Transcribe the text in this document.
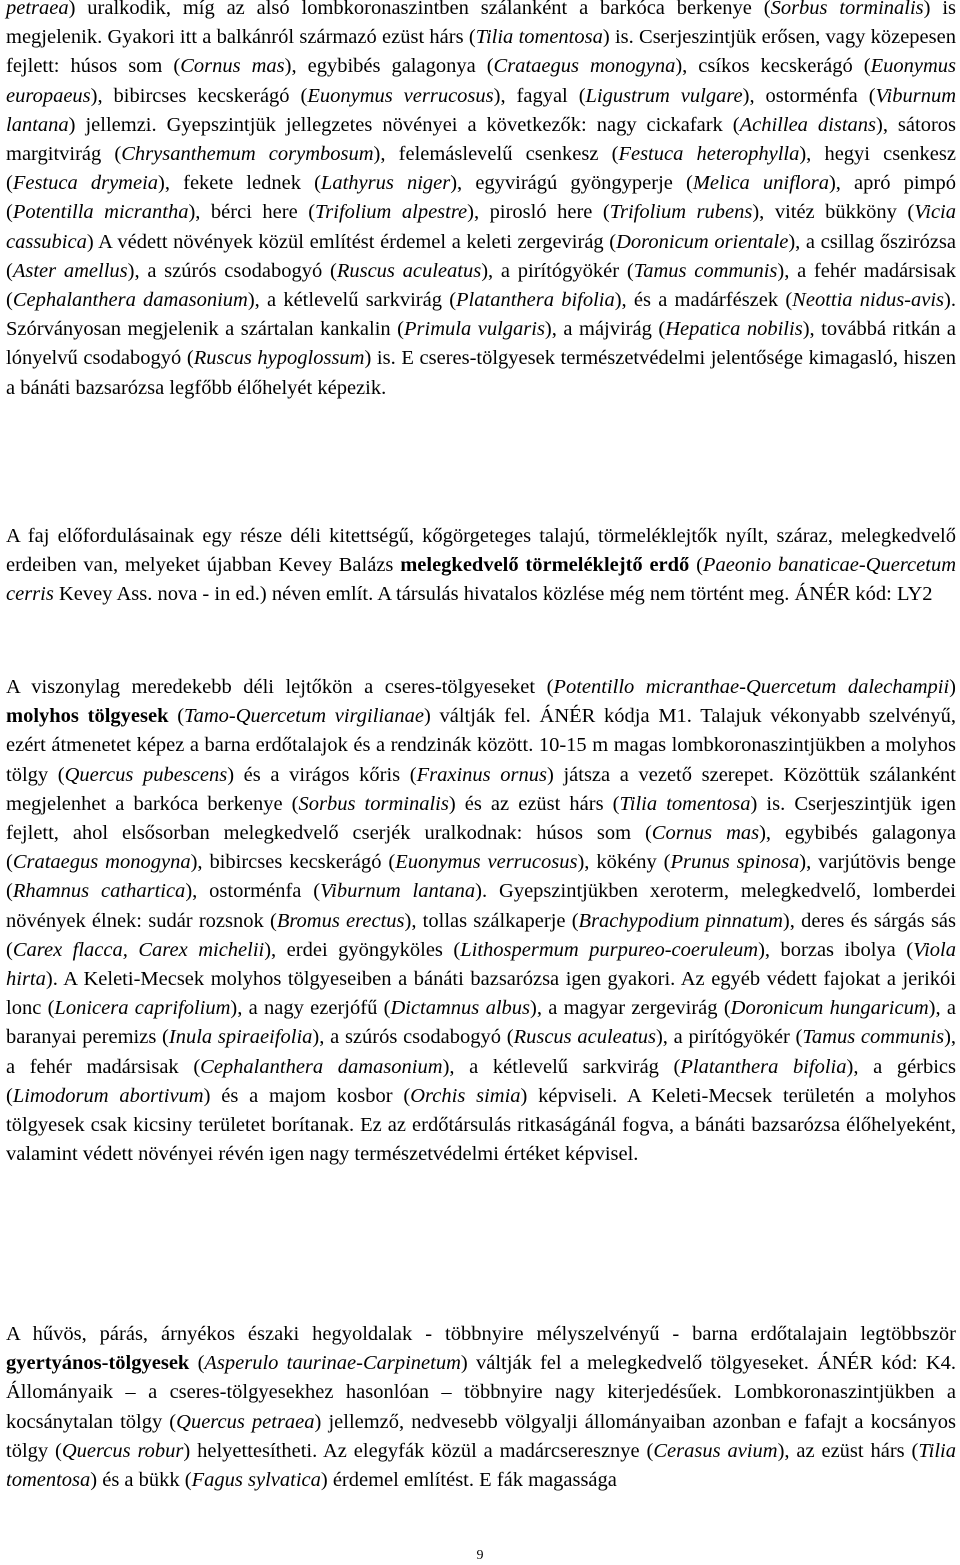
petraea) uralkodik, míg az alsó lombkoronaszintben szálanként a barkóca berkenye (Sorbus torminalis) is megjelenik. Gyakori itt a balkánról származó ezüst hárs (Tilia tomentosa) is. Cserjeszintjük erősen, vagy közepesen fejlett: húsos som (Cornus mas), egybibés galagonya (Crataegus monogyna), csíkos kecskerágó (Euonymus europaeus), bibircses kecskerágó (Euonymus verrucosus), fagyal (Ligustrum vulgare), ostorménfa (Viburnum lantana) jellemzi. Gyepszintjük jellegzetes növényei a következők: nagy cickafark (Achillea distans), sátoros margitvirág (Chrysanthemum corymbosum), felemáslevelű csenkesz (Festuca heterophylla), hegyi csenkesz (Festuca drymeia), fekete lednek (Lathyrus niger), egyvirágú gyöngyperje (Melica uniflora), apró pimpó (Potentilla micrantha), bérci here (Trifolium alpestre), pirosló here (Trifolium rubens), vitéz bükköny (Vicia cassubica) A védett növények közül említést érdemel a keleti zergevirág (Doronicum orientale), a csillag őszirózsa (Aster amellus), a szúrós csodabogyó (Ruscus aculeatus), a pirítógyökér (Tamus communis), a fehér madársisak (Cephalanthera damasonium), a kétlevelű sarkvirág (Platanthera bifolia), és a madárfészek (Neottia nidus-avis). Szórványosan megjelenik a szártalan kankalin (Primula vulgaris), a májvirág (Hepatica nobilis), továbbá ritkán a lónyelvű csodabogyó (Ruscus hypoglossum) is. E cseres-tölgyesek természetvédelmi jelentősége kimagasló, hiszen a bánáti bazsarózsa legfőbb élőhelyét képezik.

A faj előfordulásainak egy része déli kitettségű, kőgörgeteges talajú, törmeléklejtők nyílt, száraz, melegkedvelő erdeiben van, melyeket újabban Kevey Balázs melegkedvelő törmeléklejtő erdő (Paeonio banaticae-Quercetum cerris Kevey Ass. nova - in ed.) néven említ. A társulás hivatalos közlése még nem történt meg. ÁNÉR kód: LY2

A viszonylag meredekebb déli lejtőkön a cseres-tölgyeseket (Potentillo micranthae-Quercetum dalechampii) molyhos tölgyesek (Tamo-Quercetum virgilianae) váltják fel. ÁNÉR kódja M1. Talajuk vékonyabb szelvényű, ezért átmenetet képez a barna erdőtalajok és a rendzinák között. 10-15 m magas lombkoronaszintjükben a molyhos tölgy (Quercus pubescens) és a virágos kőris (Fraxinus ornus) játsza a vezető szerepet. Közöttük szálanként megjelenhet a barkóca berkenye (Sorbus torminalis) és az ezüst hárs (Tilia tomentosa) is. Cserjeszintjük igen fejlett, ahol elsősorban melegkedvelő cserjék uralkodnak: húsos som (Cornus mas), egybibés galagonya (Crataegus monogyna), bibircses kecskerágó (Euonymus verrucosus), kökény (Prunus spinosa), varjútövis benge (Rhamnus cathartica), ostorménfa (Viburnum lantana). Gyepszintjükben xeroterm, melegkedvelő, lomberdei növények élnek: sudár rozsnok (Bromus erectus), tollas szálkaperje (Brachypodium pinnatum), deres és sárgás sás (Carex flacca, Carex michelii), erdei gyöngyköles (Lithospermum purpureo-coeruleum), borzas ibolya (Viola hirta). A Keleti-Mecsek molyhos tölgyeseiben a bánáti bazsarózsa igen gyakori. Az egyéb védett fajokat a jerikói lonc (Lonicera caprifolium), a nagy ezerjófű (Dictamnus albus), a magyar zergevirág (Doronicum hungaricum), a baranyai peremizs (Inula spiraeifolia), a szúrós csodabogyó (Ruscus aculeatus), a pirítógyökér (Tamus communis), a fehér madársisak (Cephalanthera damasonium), a kétlevelű sarkvirág (Platanthera bifolia), a gérbics (Limodorum abortivum) és a majom kosbor (Orchis simia) képviseli. A Keleti-Mecsek területén a molyhos tölgyesek csak kicsiny területet borítanak. Ez az erdőtársulás ritkaságánál fogva, a bánáti bazsarózsa élőhelyeként, valamint védett növényei révén igen nagy természetvédelmi értéket képvisel.

A hűvös, párás, árnyékos északi hegyoldalak - többnyire mélyszelvényű - barna erdőtalajain legtöbbször gyertyános-tölgyesek (Asperulo taurinae-Carpinetum) váltják fel a melegkedvelő tölgyeseket. ÁNÉR kód: K4. Állományaik – a cseres-tölgyesekhez hasonlóan – többnyire nagy kiterjedésűek. Lombkoronaszintjükben a kocsánytalan tölgy (Quercus petraea) jellemző, nedvesebb völgyalji állományaiban azonban e fafajt a kocsányos tölgy (Quercus robur) helyettesítheti. Az elegyfák közül a madárcseresznye (Cerasus avium), az ezüst hárs (Tilia tomentosa) és a bükk (Fagus sylvatica) érdemel említést. E fák magassága

9
